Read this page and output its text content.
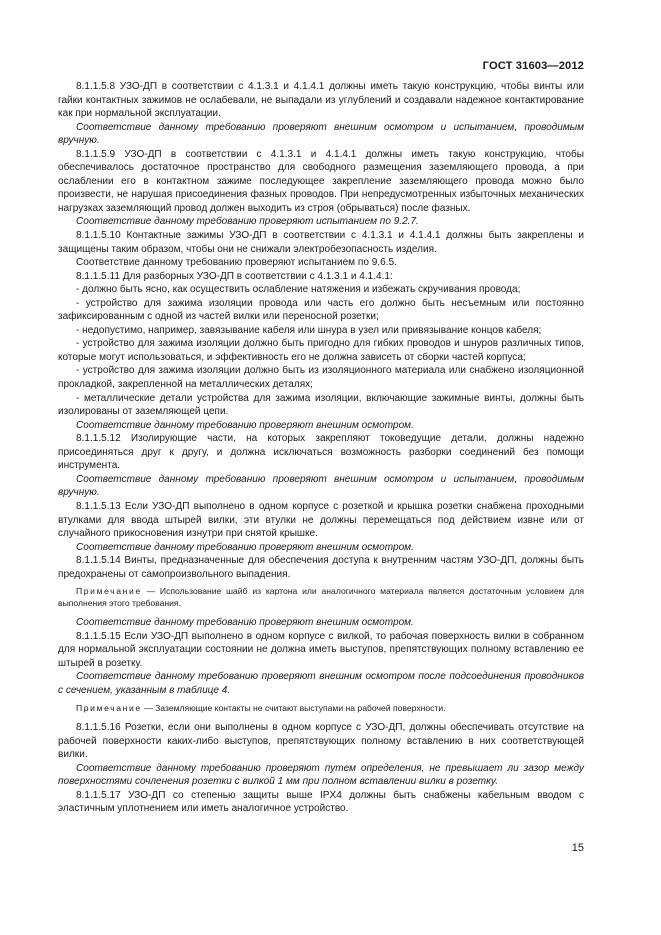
ГОСТ 31603—2012

8.1.1.5.8 УЗО-ДП в соответствии с 4.1.3.1 и 4.1.4.1 должны иметь такую конструкцию, чтобы винты или гайки контактных зажимов не ослабевали, не выпадали из углублений и создавали надежное контактирование как при нормальной эксплуатации.

Соответствие данному требованию проверяют внешним осмотром и испытанием, проводимым вручную.

8.1.1.5.9 УЗО-ДП в соответствии с 4.1.3.1 и 4.1.4.1 должны иметь такую конструкцию, чтобы обеспечивалось достаточное пространство для свободного размещения заземляющего провода, а при ослаблении его в контактном зажиме последующее закрепление заземляющего провода можно было произвести, не нарушая присоединения фазных проводов. При непредусмотренных избыточных механических нагрузках заземляющий провод должен выходить из строя (обрываться) после фазных.

Соответствие данному требованию проверяют испытанием по 9.2.7.

8.1.1.5.10 Контактные зажимы УЗО-ДП в соответствии с 4.1.3.1 и 4.1.4.1 должны быть закреплены и защищены таким образом, чтобы они не снижали электробезопасность изделия.

Соответствие данному требованию проверяют испытанием по 9.6.5.

8.1.1.5.11 Для разборных УЗО-ДП в соответствии с 4.1.3.1 и 4.1.4.1:

- должно быть ясно, как осуществить ослабление натяжения и избежать скручивания провода;

- устройство для зажима изоляции провода или часть его должно быть несъемным или постоянно зафиксированным с одной из частей вилки или переносной розетки;

- недопустимо, например, завязывание кабеля или шнура в узел или привязывание концов кабеля;

- устройство для зажима изоляции должно быть пригодно для гибких проводов и шнуров различных типов, которые могут использоваться, и эффективность его не должна зависеть от сборки частей корпуса;

- устройство для зажима изоляции должно быть из изоляционного материала или снабжено изоляционной прокладкой, закрепленной на металлических деталях;

- металлические детали устройства для зажима изоляции, включающие зажимные винты, должны быть изолированы от заземляющей цепи.

Соответствие данному требованию проверяют внешним осмотром.

8.1.1.5.12 Изолирующие части, на которых закрепляют токоведущие детали, должны надежно присоединяться друг к другу, и должна исключаться возможность разборки соединений без помощи инструмента.

Соответствие данному требованию проверяют внешним осмотром и испытанием, проводимым вручную.

8.1.1.5.13 Если УЗО-ДП выполнено в одном корпусе с розеткой и крышка розетки снабжена проходными втулками для ввода штырей вилки, эти втулки не должны перемещаться под действием извне или от случайного прикосновения изнутри при снятой крышке.

Соответствие данному требованию проверяют внешним осмотром.

8.1.1.5.14 Винты, предназначенные для обеспечения доступа к внутренним частям УЗО-ДП, должны быть предохранены от самопроизвольного выпадения.

Примечание — Использование шайб из картона или аналогичного материала является достаточным условием для выполнения этого требования.

Соответствие данному требованию проверяют внешним осмотром.

8.1.1.5.15 Если УЗО-ДП выполнено в одном корпусе с вилкой, то рабочая поверхность вилки в собранном для нормальной эксплуатации состоянии не должна иметь выступов, препятствующих полному вставлению ее штырей в розетку.

Соответствие данному требованию проверяют внешним осмотром после подсоединения проводников с сечением, указанным в таблице 4.

Примечание — Заземляющие контакты не считают выступами на рабочей поверхности.

8.1.1.5.16 Розетки, если они выполнены в одном корпусе с УЗО-ДП, должны обеспечивать отсутствие на рабочей поверхности каких-либо выступов, препятствующих полному вставлению в них соответствующей вилки.

Соответствие данному требованию проверяют путем определения, не превышает ли зазор между поверхностями сочленения розетки с вилкой 1 мм при полном вставлении вилки в розетку.

8.1.1.5.17 УЗО-ДП со степенью защиты выше IPX4 должны быть снабжены кабельным вводом с эластичным уплотнением или иметь аналогичное устройство.

15
